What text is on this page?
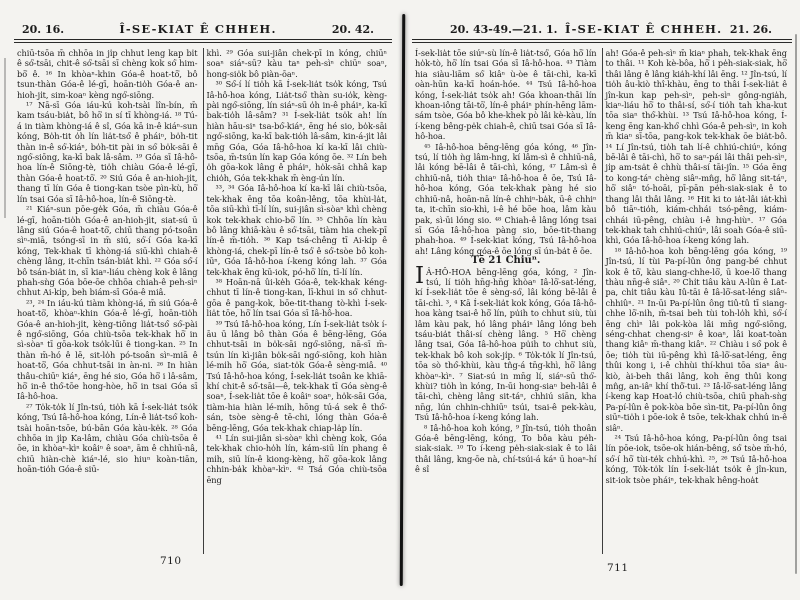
20. 16.	Î-SE-KIAT Ê CHHEH.	20. 42.

chiū-tsōa m̄ chhōa in ji̍p chhut leng kap bi̍t ê só͘-tsāi, chit-ê só͘-tsāi sī chèng kok só͘ him-bō͘ ê. ¹⁶ In khòaⁿ-khin Góa-ê hoat-tō͘, bô tsun-thàn Góa-ê lé-gī, hoān-tio̍h Góa-ê an-hioh-ji̍t, sim-koaⁿ kèng ngó͘-siōng.

¹⁷ Nā-sī Góa iáu-kú koh-tsài lîn-bín, m̄ kam tsáu-bia̍t, bô hō͘ in sí tī khòng-iá. ¹⁸ Tú-á in tiàm khòng-iá ê sî, Góa kā in-ê kiáⁿ-sun kóng, Bo̍h-tit o̍h lín lia̍t-tsó͘ ê pháiⁿ, bo̍h-tit thàn in-ê só͘-kiáⁿ, bo̍h-tit pài in só͘ bo̍k-sāi ê ngó͘-siōng, ka-kī bak lâ-sâm. ¹⁹ Góa sī Iâ-hô-hoa lín-ê Siōng-tè, tio̍h chiàu Góa-ê lé-gī, thàn Góa-ê hoat-tō͘. ²⁰ Siú Góa ê an-hioh-ji̍t, thang tī lín Góa ê tiong-kan tsòe pìn-kù, hō͘ lín tsai Góa sī Iâ-hô-hoa, lín-ê Siōng-tè.

²¹ Kiáⁿ-sun pōe-ge̍k Góa, m̄ chiàu Góa-ê lé-gī, hoān-tio̍h Góa-ê an-hioh-ji̍t, siat-sú ū lâng siú Góa-ê hoat-tō͘, chiū thang pó-tsoân sìⁿ-miā, tsóng-sī in m̄ siú, só͘-í Góa ka-kī kóng, Tek-khak tī khòng-iá siū-khì chiah-ê chèng lâng, it-chīn tsán-bia̍t khì. ²² Góa só͘-í bô tsán-bia̍t in, sī kiaⁿ-liáu chèng kok ê lâng phah-sǹg Góa bōe-ōe chhōa chiah-ê peh-sìⁿ chhut Ai-ki̍p, beh biám-sī Góa-ê miâ.

²³, ²⁴ In iáu-kú tiàm khòng-iá, m̄ siú Góa-ê hoat-tō͘, khòaⁿ-khin Góa-ê lé-gī, hoān-tio̍h Góa-ê an-hioh-ji̍t, kèng-tiōng lia̍t-tsó͘ só͘-pài ê ngó͘-siōng, Góa chiù-tsōa tek-khak hō͘ in sì-sòaⁿ tī gōa-kok tso̍k-lūi ê tiong-kan. ²⁵ In thàn m̄-hó ê lē, sit-lo̍h pó-tsoân sìⁿ-miā ê hoat-tō͘, Góa chhut-tsāi in àn-ni. ²⁶ In hiàn thâu-chiūⁿ kiáⁿ, ēng hé sio, Góa hō͘ i lâ-sâm, hō͘ in-ê thó͘-tōe hong-hòe, hō͘ in tsai Góa sī Iâ-hô-hoa.

²⁷ To̍k-to̍k lí Jîn-tsú, tio̍h kā Í-sek-lia̍t tso̍k kóng, Tsú Iâ-hô-hoa kóng, Lín-ê lia̍t-tsó͘ koh-tsài hoān-tsōe, bú-bān Góa kàu-ke̍k. ²⁸ Góa chhōa in ji̍p Ka-lâm, chiàu Góa chiù-tsōa ê ōe, in khòaⁿ-kìⁿ koâiⁿ ê soaⁿ, ām ê chhiū-nâ, chiū hiàn-chè kiáⁿ-lé, sio hiuⁿ koàn-tiān, hoān-tio̍h Góa-ê siū-

khì. ²⁹ Góa sui-jiân chek-pī in kóng, chiūⁿ soaⁿ siáⁿ-sū? kàu taⁿ peh-sìⁿ chiūⁿ soaⁿ, hong-sio̍k bô piàn-ōaⁿ.

³⁰ Só͘-í lí tio̍h kā Í-sek-lia̍t tso̍k kóng, Tsú Iâ-hô-hoa kóng, Lia̍t-tsó͘ thàn su-io̍k, kèng-pài ngó͘-siōng, lín siáⁿ-sū o̍h in-ê pháiⁿ, ka-kī bak-tio̍h lâ-sâm? ³¹ Í-sek-lia̍t tso̍k ah! lín hiàn hāu-siⁿ tsa-bó͘-kiáⁿ, ēng hé sio, bo̍k-sāi ngó͘-siōng, ka-kī bak-tio̍h lâ-sâm, kin-á-ji̍t lâi mn̄g Góa, Góa Iâ-hô-hoa kí ka-kī lâi chiù-tsōa, m̄-tsún lín kap Góa kóng ōe. ³² Lín beh o̍h gōa-kok lâng ê pháiⁿ, ho̍k-sāi chhâ kap chio̍h, Góa tek-khak m̄ èng-ún lín.

³³, ³⁴ Góa Iâ-hô-hoa kí ka-kī lâi chiù-tsōa, tek-khak ēng tōa koân-lêng, tōa khùi-la̍t, tōa siū-khì tī-lí lín, sui-jiân sì-sòaⁿ khì chèng kok tek-khak chio-bō͘ lín. ³⁵ Chhōa lín kàu bô lâng khiā-kàu ê só͘-tsāi, tiàm hia chek-pī lín-ê m̄-tio̍h. ³⁶ Kap tsá-chêng tī Ai-ki̍p ê khòng-iá, chek-pī lín-ê tsó͘ ê só͘-tsòe bô koh-iūⁿ, Góa Iâ-hô-hoa í-keng kóng lah. ³⁷ Góa tek-khak ēng kū-iok, pó-hō͘ lín, tī-lí lín.

³⁸ Hoān-nā ûi-ke̍h Góa-ê, tek-khak kéng-chhut tī lín-ê tiong-kan, lī-khui in só͘ chhut-gōa ê pang-kok, bōe-tit-thang tò-khì Í-sek-lia̍t tōe, hō͘ lín tsai Góa sī Iâ-hô-hoa.

³⁹ Tsú Iâ-hô-hoa kóng, Lín Í-sek-lia̍t tso̍k í-āu ū lâng bô thàn Góa ê bēng-lēng, Góa chhut-tsāi in bo̍k-sāi ngó͘-siōng, nā-sī m̄-tsún lín kì-jiân bo̍k-sāi ngó͘-siōng, koh hiàn lé-mi̍h hō͘ Góa, siat-to̍k Góa-ê sèng-miâ. ⁴⁰ Tsú Iâ-hô-hoa kóng, Í-sek-lia̍t tsoân ke khiā-khí chit-ê só͘-tsāi—ê, tek-khak tī Góa sèng-ê soaⁿ, Í-sek-lia̍t tōe ê koâiⁿ soaⁿ, ho̍k-sāi Góa, tiàm-hia hiàn lé-mi̍h, hōng tú-á sek ê thó͘-sán, tsòe sèng-ê tē-chi, lóng thàn Góa-ê bēng-lēng, Góa tek-khak chiap-la̍p lín.

⁴¹ Lín sui-jiân sì-sòaⁿ khì chèng kok, Góa tek-khak chio-ho̍h lín, kám-siū lín phang ê mi̍h, siū lín-ê kiong-kèng, hō͘ gōa-kok lâng chhin-ba̍k khòaⁿ-kìⁿ. ⁴² Tsá Góa chiù-tsōa ēng

710
20. 43-49.—21. 1. Î-SE-KIAT Ê CHHEH. 21. 26.

Í-sek-lia̍t tōe siúⁿ-sù lín-ê lia̍t-tsó͘, Góa hō͘ lín ho̍k-tò, hō͘ lín tsai Góa sī Iâ-hô-hoa. ⁴³ Tiàm hia siàu-liām só͘ kiâⁿ ù-òe ê tāi-chì, ka-kī oàn-hūn ka-kī hoán-hóe. ⁴⁴ Tsú Iâ-hô-hoa kóng, Í-sek-lia̍t tso̍k ah! Góa khoan-thāi lín khoan-iông tāi-tō͘, lín-ê pháiⁿ phín-hēng lām-sám tsòe, Góa bô khe-khek pò lâi kè-kàu, lín í-keng bêng-pe̍k chiah-ê, chiū tsai Góa sī Iâ-hô-hoa.

⁴⁵ Iâ-hô-hoa bēng-lēng góa kóng, ⁴⁶ Jîn-tsú, lí tio̍h ǹg lâm-hng, kí lâm-sì ê chhiū-nâ, lâi kóng bē-lâi ê tāi-chì, kóng, ⁴⁷ Lâm-sì ê chhiū-nâ, tio̍h thiaⁿ Iâ-hô-hoa ê ōe, Tsú Iâ-hô-hoa kóng, Góa tek-khak pàng hé sio chhiū-nâ, hoān-nā lín-ê chhiⁿ-ba̍k, ū-ê chhiⁿ ta, it-chīn sio-khì, i-ê hé bōe hoa, lâm kàu pak, sì-ūi lóng sio. ⁴⁸ Chiah-ê lâng lóng tsai sī Góa Iâ-hô-hoa pàng sio, bōe-tit-thang phah-hoa. ⁴⁹ Í-sek-kiat kóng, Tsú Iâ-hô-hoa ah! Lâng kóng góa-ê ōe lóng sī ún-ba̍t ê ōe.

Tē 21 Chiuⁿ.

I Â-HÔ-HOA bēng-lēng góa, kóng, ² Jîn-tsú, lí tio̍h hn̄g-hn̄g khòaⁿ Iâ-lō͘-sat-léng, kí Í-sek-lia̍t tōe ê sèng-só͘, lâi kóng bē-lâi ê tāi-chì. ³, ⁴ Kā Í-sek-lia̍t kok kóng, Góa Iâ-hô-hoa kàng tsai-ê hō͘ lín, pu̍ih to chhut siù, tùi lâm kàu pak, hó lâng pháiⁿ lâng lóng beh tsáu-bia̍t thâi-sí chèng lâng. ⁵ Hō͘ chèng lâng tsai, Góa Iâ-hô-hoa pu̍ih to chhut siù, tek-khak bô koh sok-ji̍p. ⁶ To̍k-to̍k lí Jîn-tsú, tōa sò thó͘-khùi, kàu tn̂g-á tn̄g-khì, hō͘ lâng khòaⁿ-kìⁿ. ⁷ Siat-sú in mn̄g lí, siáⁿ-sū thó͘-khùi? tio̍h ìn kóng, In-ūi hong-siaⁿ beh-lâi ê tāi-chì, chèng lâng sit-táⁿ, chhiú siān, kha nn̄g, lún chhin-chhiūⁿ tsúi, tsai-ê pek-kàu, Tsú Iâ-hô-hoa í-keng kóng lah.

⁸ Iâ-hô-hoa koh kóng, ⁹ Jîn-tsú, tio̍h thoân Góa-ê bēng-lēng, kóng, To bôa kàu pe̍h-siak-siak. ¹⁰ To í-keng pe̍h-siak-siak ê to lâi thâi lâng, kng-ōe nà, chí-tsúi-á káⁿ ū hoaⁿ-hí ê sî

ah! Góa-ê peh-sìⁿ m̄ kiaⁿ phah, tek-khak ēng to thâi. ¹¹ Koh kè-bôa, hō͘ i pe̍h-siak-siak, hō͘ thâi lâng ê lâng kia̍h-khí lâi ēng. ¹² Jîn-tsú, lí tio̍h âu-kiò thî-khàu, ēng to thâi Í-sek-lia̍t ê jîn-kun kap peh-sìⁿ, peh-sìⁿ gông-ngia̍h, kiaⁿ-liáu hō͘ to thâi-sí, só͘-í tio̍h tah kha-kut tōa siaⁿ thó͘-khùi. ¹³ Tsú Iâ-hô-hoa kóng, Í-keng ēng kan-khó͘ chhì Góa-ê peh-sìⁿ, in koh m̄ kiaⁿ sī-tōa, pang-kok tek-khak ōe bia̍t-bô. ¹⁴ Lí Jîn-tsú, tio̍h tah lí-ê chhiú-chiúⁿ, kóng bē-lâi ê tāi-chì, hō͘ to saⁿ-pái lâi thâi peh-sìⁿ, ji̍p am-tsa̍t ê chhù thâi-sí tāi-jîn. ¹⁵ Góa ēng to kong-táⁿ chèng siâⁿ-mn̂g, hō͘ lâng sit-táⁿ, hō͘ siâⁿ tó-hoāi, pī-pān pe̍h-siak-siak ê to thang lâi thâi lâng. ¹⁶ Hit ki to ia̍t-lâi ia̍t-khì bô tiāⁿ-tio̍h, kiám-chhái tsó-pêng, kiám-chhái iū-pêng, chiàu i-ê hng-hiùⁿ. ¹⁷ Góa tek-khak tah chhiú-chiúⁿ, lâi soah Góa-ê siū-khì, Góa Iâ-hô-hoa í-keng kóng lah.

¹⁸ Iâ-hô-hoa koh bēng-lēng góa kóng, ¹⁹ Jîn-tsú, lí tùi Pa-pí-lûn ông pang-bé chhut kok ê tō͘, kàu siang-chhe-lō͘, ū koe-lō͘ thang thàu nn̄g-ê siâⁿ. ²⁰ Chi̍t tiâu kàu A-lûn ê Lat-pa, chi̍t tiâu kàu Iû-tāi ê Iâ-lō͘-sat-léng siâⁿ-chhiûⁿ. ²¹ In-ūi Pa-pí-lûn ông tiû-tû tī siang-chhe lō͘-ni̍h, m̄-tsai beh tùi toh-lo̍h khì, só͘-í ēng chìⁿ lâi pok-kòa lâi mn̄g ngó͘-siōng, séng-chhat cheng-siⁿ ê koaⁿ, lâi koat-toàn thang kiâⁿ m̄-thang kiâⁿ. ²² Chiàu i só͘ pok ê ōe; tio̍h tùi iū-pêng khì Iâ-lō͘-sat-léng, ēng thûi kong i, i-ê chhùi thí-khui tōa siaⁿ âu-kiò, ài-beh thâi lâng, koh ēng thûi kong mn̂g, an-iâⁿ khí thô͘-tui. ²³ Iâ-lō͘-sat-léng lâng í-keng kap Hoat-ló chiù-tsōa, chiū phah-sǹg Pa-pí-lûn ê pok-kòa bōe sìn-tit, Pa-pí-lûn ông siūⁿ-tio̍h i pōe-iok ê tsōe, tek-khak chhú in-ê siâⁿ.

²⁴ Tsú Iâ-hô-hoa kóng, Pa-pí-lûn ông tsai lín pōe-iok, tsōe-ok hián-bêng, só͘ tsòe m̄-hó, só͘-í hō͘ tùi-te̍k chhú-khì. ²⁵, ²⁶ Tsú Iâ-hô-hoa kóng, To̍k-to̍k lín Í-sek-lia̍t tso̍k ê jîn-kun, sit-iok tsòe pháiⁿ, tek-khak hêng-hoa̍t

711
